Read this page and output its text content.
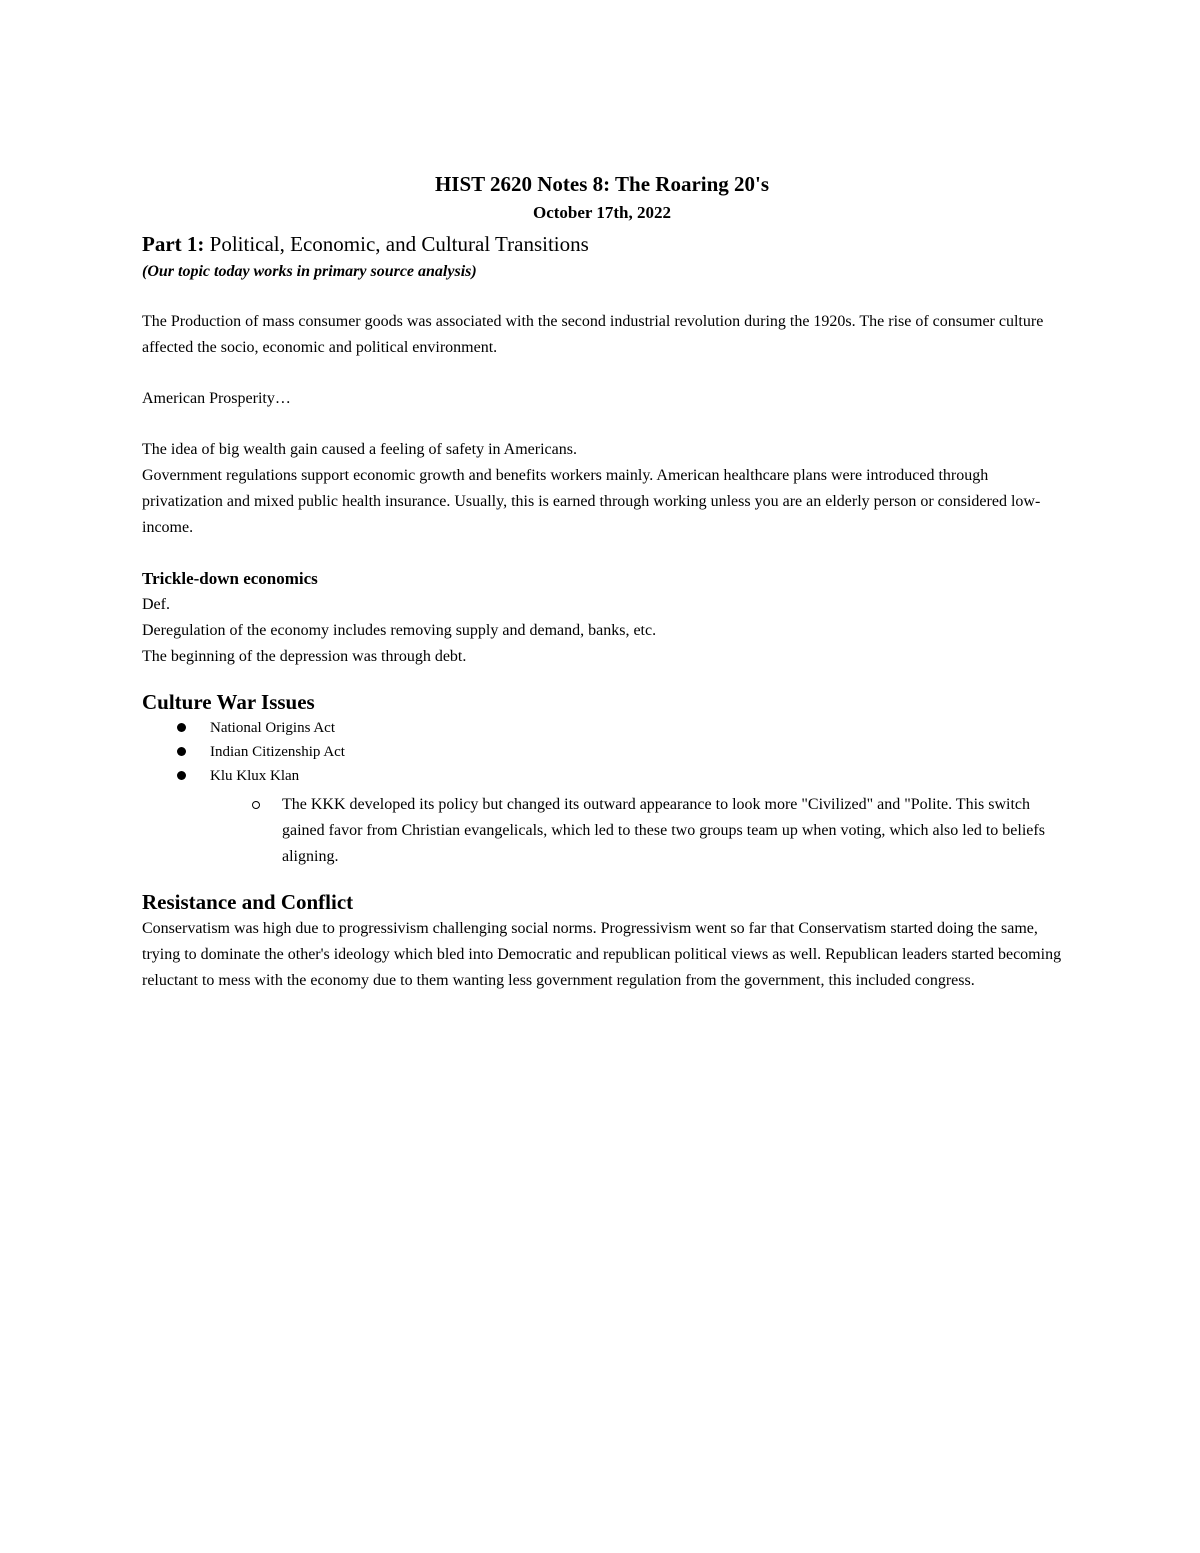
HIST 2620 Notes 8: The Roaring 20's
October 17th, 2022
Part 1: Political, Economic, and Cultural Transitions
(Our topic today works in primary source analysis)

The Production of mass consumer goods was associated with the second industrial revolution during the 1920s. The rise of consumer culture affected the socio, economic and political environment.

American Prosperity…

The idea of big wealth gain caused a feeling of safety in Americans.

Government regulations support economic growth and benefits workers mainly. American healthcare plans were introduced through privatization and mixed public health insurance. Usually, this is earned through working unless you are an elderly person or considered low-income.

Trickle-down economics

Def.

Deregulation of the economy includes removing supply and demand, banks, etc.

The beginning of the depression was through debt.

Culture War Issues
National Origins Act
Indian Citizenship Act
Klu Klux Klan
The KKK developed its policy but changed its outward appearance to look more "Civilized" and "Polite. This switch gained favor from Christian evangelicals, which led to these two groups team up when voting, which also led to beliefs aligning.
Resistance and Conflict

Conservatism was high due to progressivism challenging social norms. Progressivism went so far that Conservatism started doing the same, trying to dominate the other's ideology which bled into Democratic and republican political views as well. Republican leaders started becoming reluctant to mess with the economy due to them wanting less government regulation from the government, this included congress.
